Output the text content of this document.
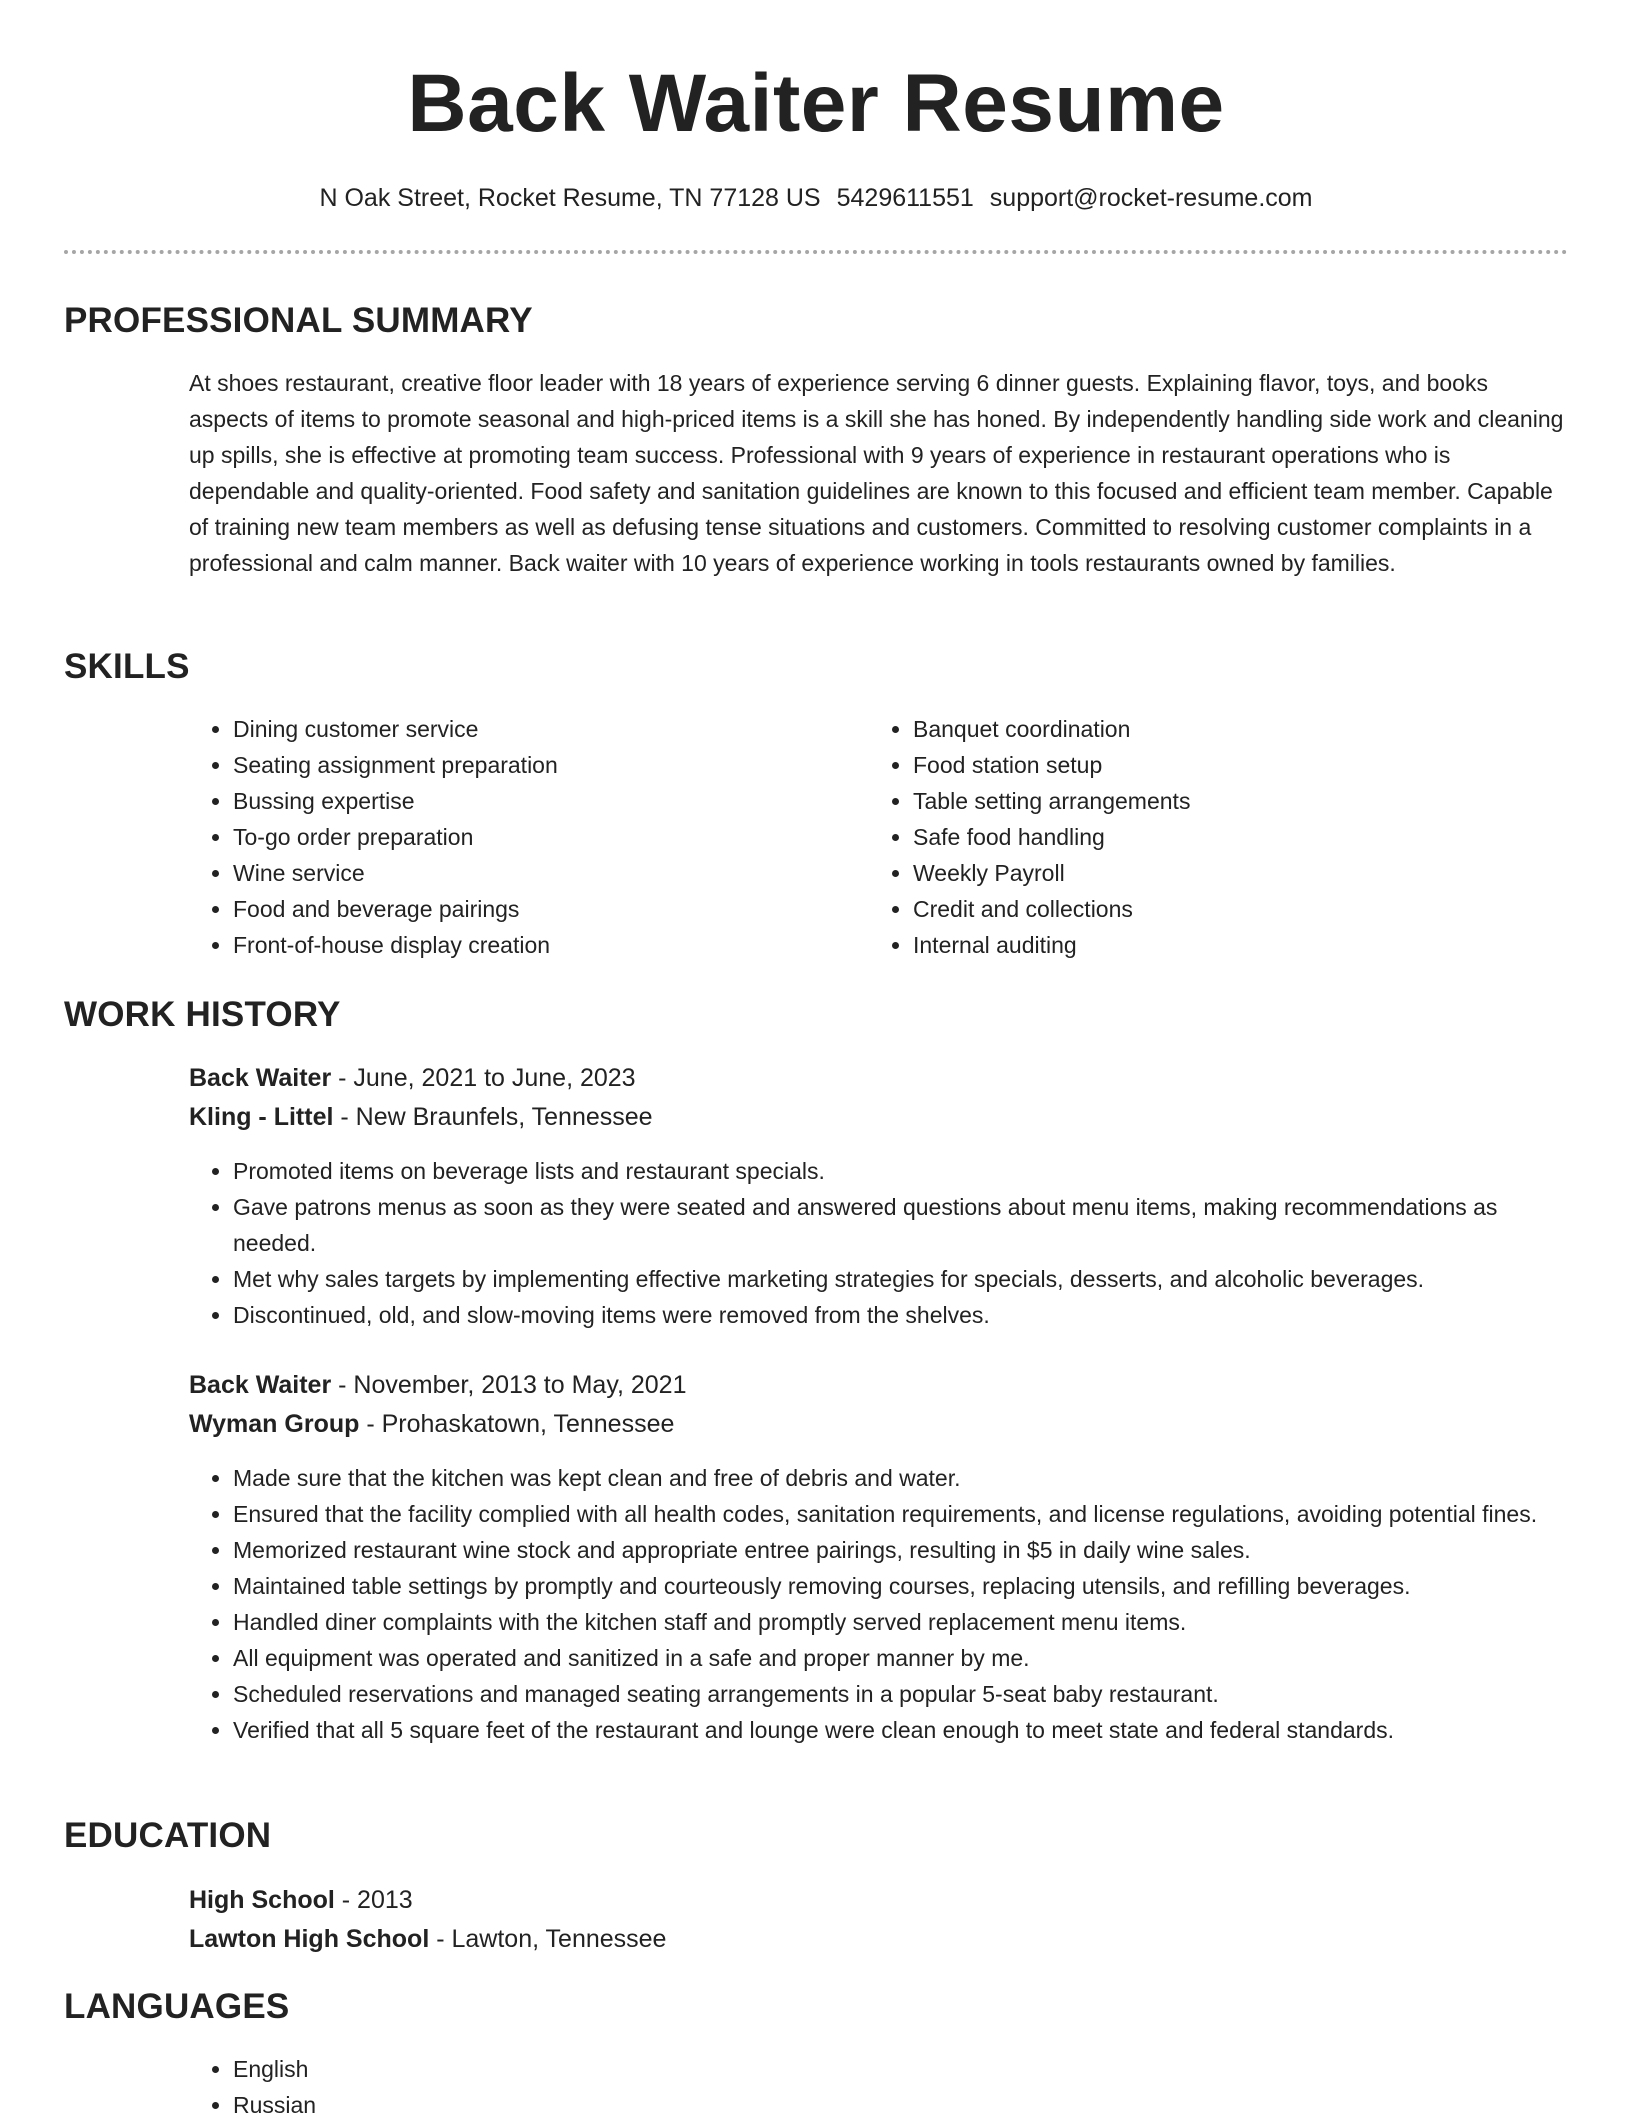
Back Waiter Resume
N Oak Street, Rocket Resume, TN 77128 US 5429611551 support@rocket-resume.com
PROFESSIONAL SUMMARY

At shoes restaurant, creative floor leader with 18 years of experience serving 6 dinner guests. Explaining flavor, toys, and books aspects of items to promote seasonal and high-priced items is a skill she has honed. By independently handling side work and cleaning up spills, she is effective at promoting team success. Professional with 9 years of experience in restaurant operations who is dependable and quality-oriented. Food safety and sanitation guidelines are known to this focused and efficient team member. Capable of training new team members as well as defusing tense situations and customers. Committed to resolving customer complaints in a professional and calm manner. Back waiter with 10 years of experience working in tools restaurants owned by families.

SKILLS
• Dining customer service
• Seating assignment preparation
• Bussing expertise
• To-go order preparation
• Wine service
• Food and beverage pairings
• Front-of-house display creation
• Banquet coordination
• Food station setup
• Table setting arrangements
• Safe food handling
• Weekly Payroll
• Credit and collections
• Internal auditing
WORK HISTORY
Back Waiter - June, 2021 to June, 2023
Kling - Littel - New Braunfels, Tennessee
• Promoted items on beverage lists and restaurant specials.
• Gave patrons menus as soon as they were seated and answered questions about menu items, making recommendations as needed.
• Met why sales targets by implementing effective marketing strategies for specials, desserts, and alcoholic beverages.
• Discontinued, old, and slow-moving items were removed from the shelves.
Back Waiter - November, 2013 to May, 2021
Wyman Group - Prohaskatown, Tennessee
• Made sure that the kitchen was kept clean and free of debris and water.
• Ensured that the facility complied with all health codes, sanitation requirements, and license regulations, avoiding potential fines.
• Memorized restaurant wine stock and appropriate entree pairings, resulting in $5 in daily wine sales.
• Maintained table settings by promptly and courteously removing courses, replacing utensils, and refilling beverages.
• Handled diner complaints with the kitchen staff and promptly served replacement menu items.
• All equipment was operated and sanitized in a safe and proper manner by me.
• Scheduled reservations and managed seating arrangements in a popular 5-seat baby restaurant.
• Verified that all 5 square feet of the restaurant and lounge were clean enough to meet state and federal standards.
EDUCATION
High School - 2013
Lawton High School - Lawton, Tennessee
LANGUAGES
• English
• Russian
